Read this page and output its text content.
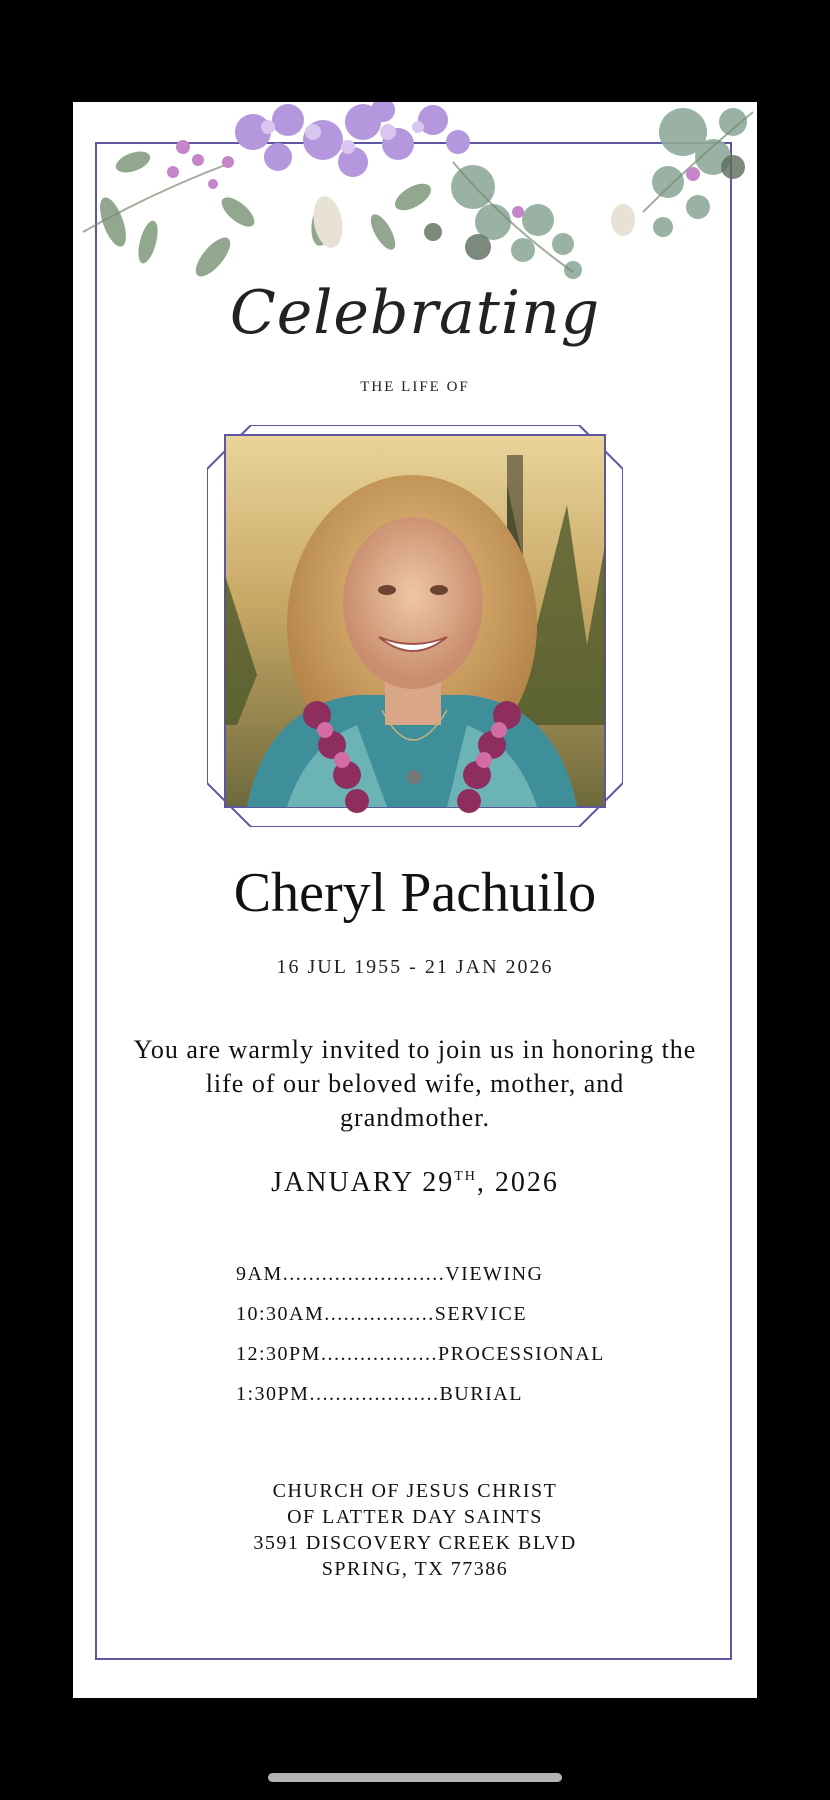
Celebrating
THE LIFE OF
Cheryl Pachuilo
16 JUL 1955 - 21 JAN 2026
You are warmly invited to join us in honoring the life of our beloved wife, mother, and grandmother.
JANUARY 29TH, 2026
9AM.........................VIEWING
10:30AM.................SERVICE
12:30PM..................PROCESSIONAL
1:30PM....................BURIAL
CHURCH OF JESUS CHRIST
OF LATTER DAY SAINTS
3591 DISCOVERY CREEK BLVD
SPRING, TX 77386
